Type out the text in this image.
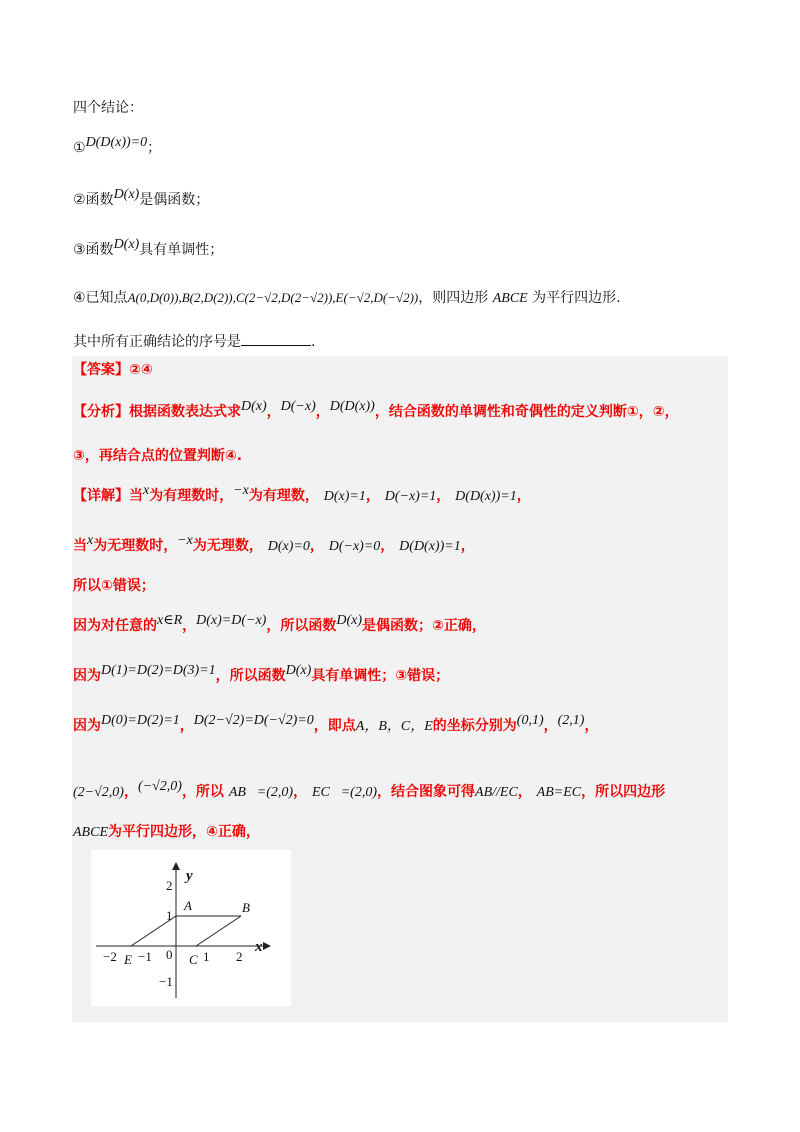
四个结论：
①D(D(x))=0；
②函数D(x)是偶函数；
③函数D(x)具有单调性；
④已知点A(0,D(0)),B(2,D(2)),C(2−√2,D(2−√2)),E(−√2,D(−√2))，则四边形 ABCE 为平行四边形.
其中所有正确结论的序号是	.
【答案】②④
【分析】根据函数表达式求D(x)，D(−x)，D(D(x))，结合函数的单调性和奇偶性的定义判断①，②，
③，再结合点的位置判断④.
【详解】当x为有理数时，−x为有理数， D(x)=1， D(−x)=1， D(D(x))=1，
当x为无理数时，−x为无理数， D(x)=0， D(−x)=0， D(D(x))=1，
所以①错误；
因为对任意的x∈R，D(x)=D(−x)，所以函数D(x)是偶函数；②正确，
因为D(1)=D(2)=D(3)=1，所以函数D(x)具有单调性；③错误；
因为D(0)=D(2)=1，D(2−√2)=D(−√2)=0，即点A，B，C，E的坐标分别为(0,1)，(2,1)，
(2−√2,0)，(−√2,0)，所以 AB⃗=(2,0)， EC⃗=(2,0)，结合图象可得AB//EC， AB=EC，所以四边形
ABCE为平行四边形，④正确，
y
x
2
1
−1
−2 −1	1 2
0
A	B
C
E
